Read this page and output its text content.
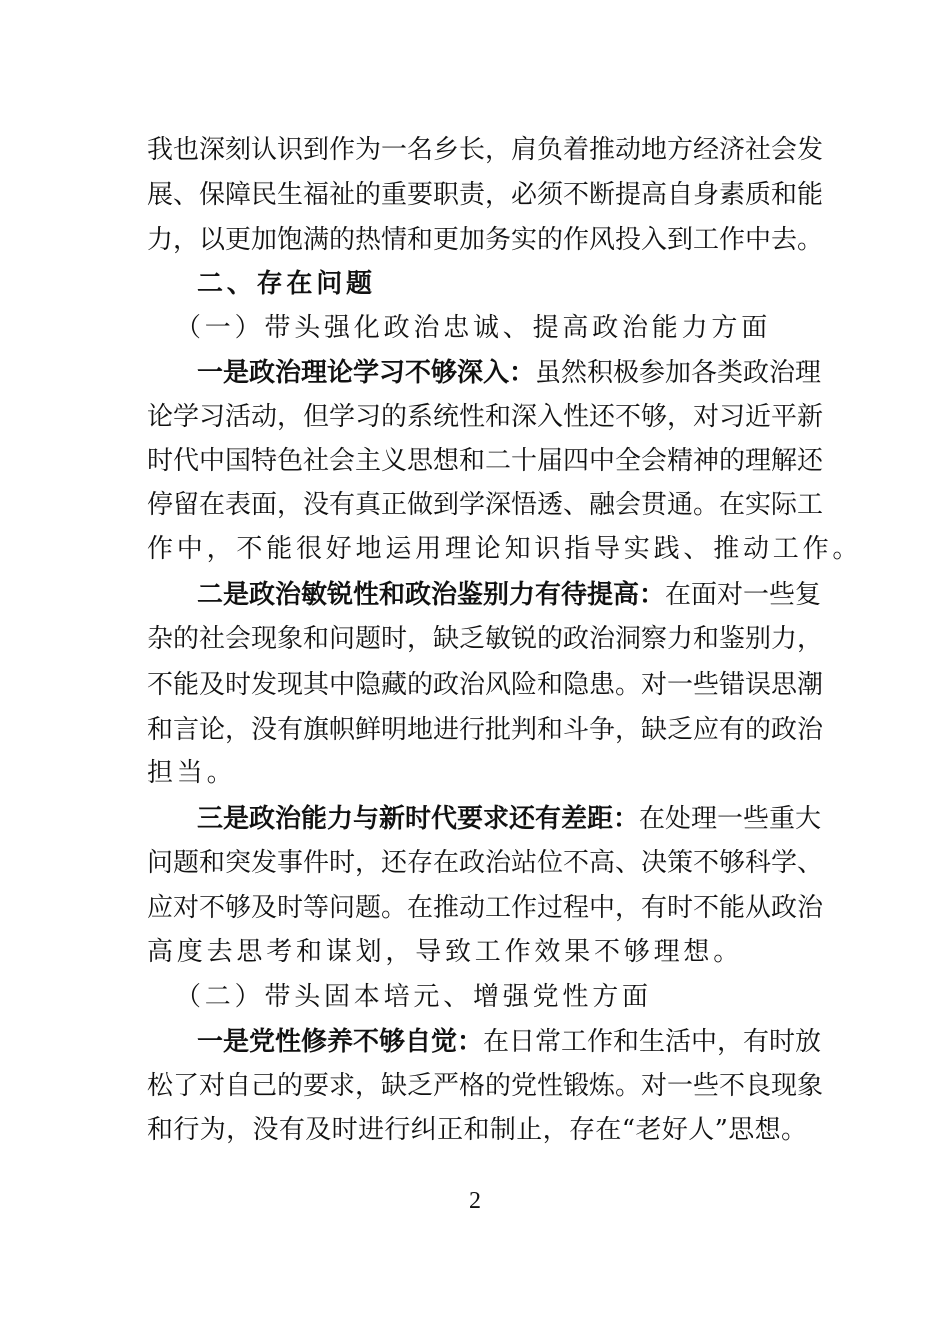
我也深刻认识到作为一名乡长，肩负着推动地方经济社会发
展、保障民生福祉的重要职责，必须不断提高自身素质和能
力，以更加饱满的热情和更加务实的作风投入到工作中去。
二、存在问题
（一）带头强化政治忠诚、提高政治能力方面
一是政治理论学习不够深入：虽然积极参加各类政治理
论学习活动，但学习的系统性和深入性还不够，对习近平新
时代中国特色社会主义思想和二十届四中全会精神的理解还
停留在表面，没有真正做到学深悟透、融会贯通。在实际工
作中，不能很好地运用理论知识指导实践、推动工作。
二是政治敏锐性和政治鉴别力有待提高：在面对一些复
杂的社会现象和问题时，缺乏敏锐的政治洞察力和鉴别力，
不能及时发现其中隐藏的政治风险和隐患。对一些错误思潮
和言论，没有旗帜鲜明地进行批判和斗争，缺乏应有的政治
担当。
三是政治能力与新时代要求还有差距：在处理一些重大
问题和突发事件时，还存在政治站位不高、决策不够科学、
应对不够及时等问题。在推动工作过程中，有时不能从政治
高度去思考和谋划，导致工作效果不够理想。
（二）带头固本培元、增强党性方面
一是党性修养不够自觉：在日常工作和生活中，有时放
松了对自己的要求，缺乏严格的党性锻炼。对一些不良现象
和行为，没有及时进行纠正和制止，存在“老好人”思想。
2
